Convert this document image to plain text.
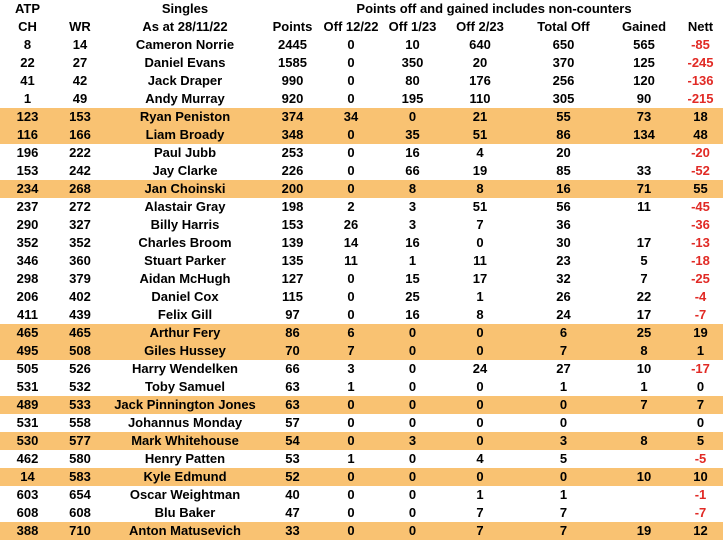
ATP		Singles	Points off and gained includes non-counters						
CH	WR	As at 28/11/22	Points	Off 12/22	Off 1/23	Off 2/23	Total Off	Gained	Nett
8	14	Cameron Norrie	2445	0	10	640	650	565	-85
22	27	Daniel Evans	1585	0	350	20	370	125	-245
41	42	Jack Draper	990	0	80	176	256	120	-136
1	49	Andy Murray	920	0	195	110	305	90	-215
123	153	Ryan Peniston	374	34	0	21	55	73	18
116	166	Liam Broady	348	0	35	51	86	134	48
196	222	Paul Jubb	253	0	16	4	20		-20
153	242	Jay Clarke	226	0	66	19	85	33	-52
234	268	Jan Choinski	200	0	8	8	16	71	55
237	272	Alastair Gray	198	2	3	51	56	11	-45
290	327	Billy Harris	153	26	3	7	36		-36
352	352	Charles Broom	139	14	16	0	30	17	-13
346	360	Stuart Parker	135	11	1	11	23	5	-18
298	379	Aidan McHugh	127	0	15	17	32	7	-25
206	402	Daniel Cox	115	0	25	1	26	22	-4
411	439	Felix Gill	97	0	16	8	24	17	-7
465	465	Arthur Fery	86	6	0	0	6	25	19
495	508	Giles Hussey	70	7	0	0	7	8	1
505	526	Harry Wendelken	66	3	0	24	27	10	-17
531	532	Toby Samuel	63	1	0	0	1	1	0
489	533	Jack Pinnington Jones	63	0	0	0	0	7	7
531	558	Johannus Monday	57	0	0	0	0		0
530	577	Mark Whitehouse	54	0	3	0	3	8	5
462	580	Henry Patten	53	1	0	4	5		-5
14	583	Kyle Edmund	52	0	0	0	0	10	10
603	654	Oscar Weightman	40	0	0	1	1		-1
608	608	Blu Baker	47	0	0	7	7		-7
388	710	Anton Matusevich	33	0	0	7	7	19	12
